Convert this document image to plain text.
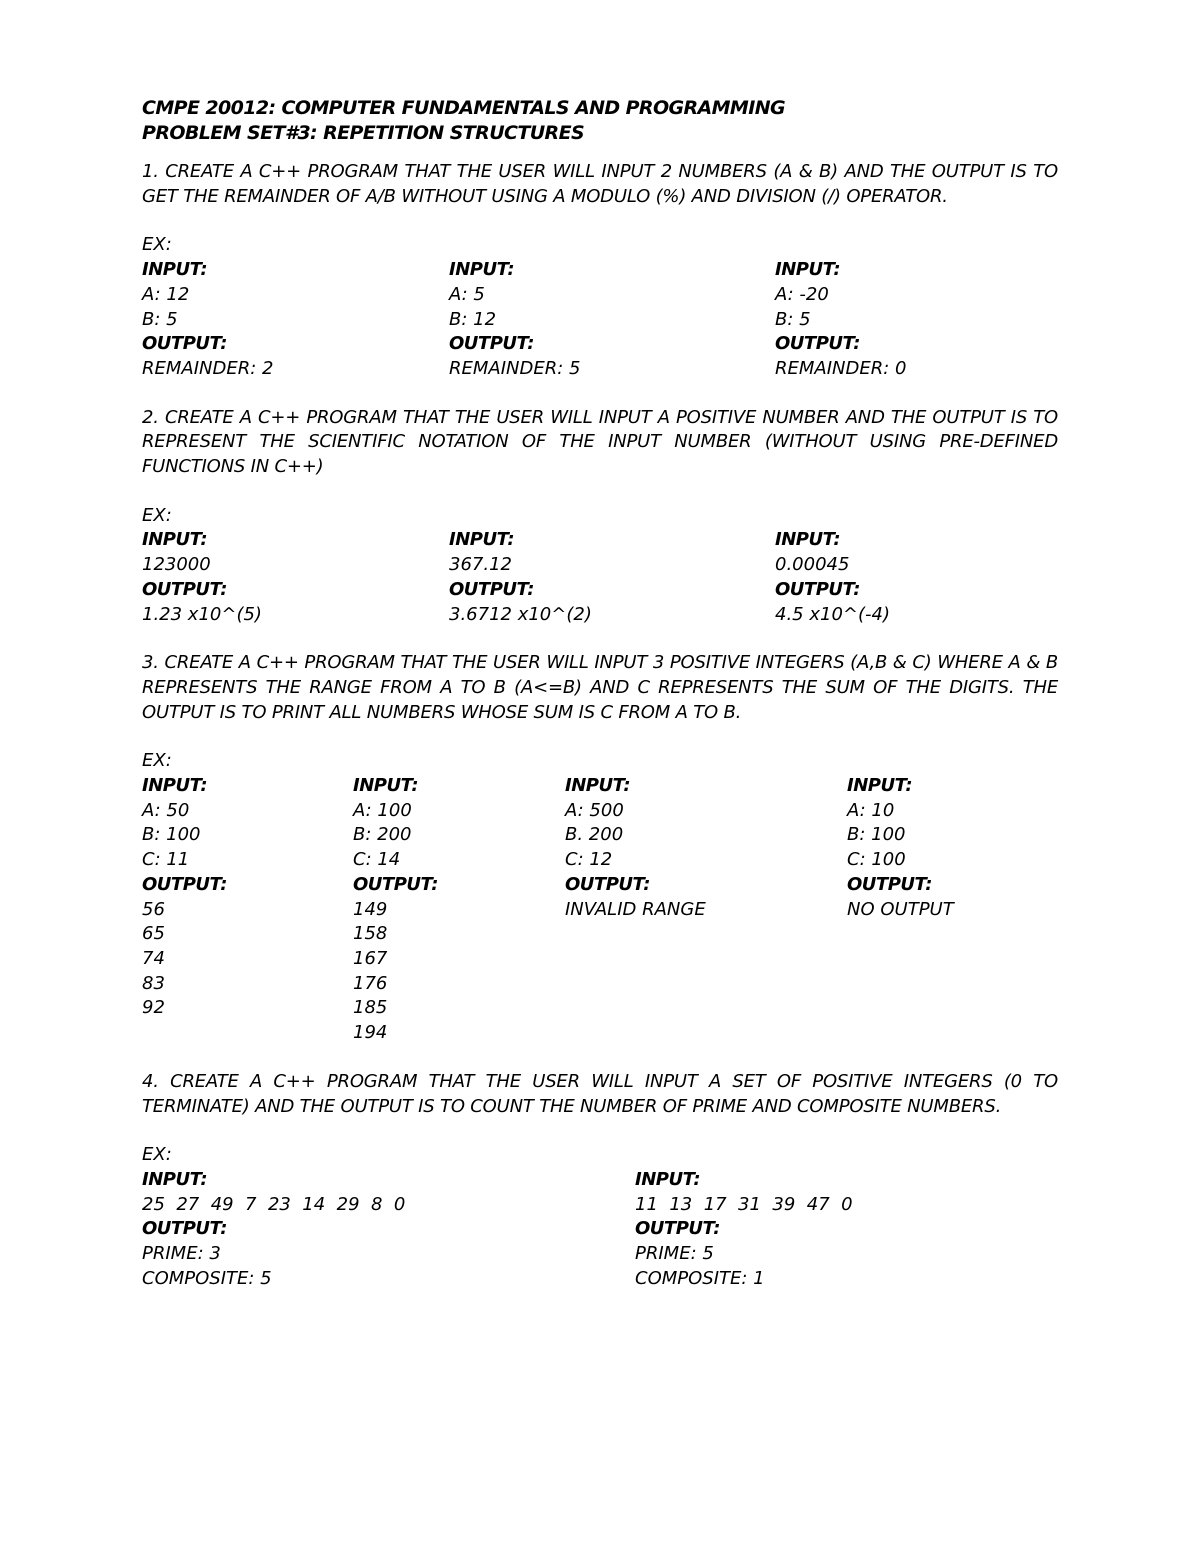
CMPE 20012: COMPUTER FUNDAMENTALS AND PROGRAMMING
PROBLEM SET#3: REPETITION STRUCTURES
1. CREATE A C++ PROGRAM THAT THE USER WILL INPUT 2 NUMBERS (A & B) AND THE OUTPUT IS TO GET THE REMAINDER OF A/B WITHOUT USING A MODULO (%) AND DIVISION (/) OPERATOR.
EX:
INPUT:
A: 12
B: 5
OUTPUT:
REMAINDER: 2
INPUT:
A: 5
B: 12
OUTPUT:
REMAINDER: 5
INPUT:
A: -20
B: 5
OUTPUT:
REMAINDER: 0
2. CREATE A C++ PROGRAM THAT THE USER WILL INPUT A POSITIVE NUMBER AND THE OUTPUT IS TO REPRESENT THE SCIENTIFIC NOTATION OF THE INPUT NUMBER (WITHOUT USING PRE-DEFINED FUNCTIONS IN C++)
EX:
INPUT:
123000
OUTPUT:
1.23 x10^(5)
INPUT:
367.12
OUTPUT:
3.6712 x10^(2)
INPUT:
0.00045
OUTPUT:
4.5 x10^(-4)
3. CREATE A C++ PROGRAM THAT THE USER WILL INPUT 3 POSITIVE INTEGERS (A,B & C) WHERE A & B REPRESENTS THE RANGE FROM A TO B (A<=B) AND C REPRESENTS THE SUM OF THE DIGITS. THE OUTPUT IS TO PRINT ALL NUMBERS WHOSE SUM IS C FROM A TO B.
EX:
INPUT:
A: 50
B: 100
C: 11
OUTPUT:
56
65
74
83
92
INPUT:
A: 100
B: 200
C: 14
OUTPUT:
149
158
167
176
185
194
INPUT:
A: 500
B. 200
C: 12
OUTPUT:
INVALID RANGE
INPUT:
A: 10
B: 100
C: 100
OUTPUT:
NO OUTPUT
4. CREATE A C++ PROGRAM THAT THE USER WILL INPUT A SET OF POSITIVE INTEGERS (0 TO TERMINATE) AND THE OUTPUT IS TO COUNT THE NUMBER OF PRIME AND COMPOSITE NUMBERS.
EX:
INPUT:
25  27  49  7  23  14  29  8  0
OUTPUT:
PRIME: 3
COMPOSITE: 5
INPUT:
11  13  17  31  39  47  0
OUTPUT:
PRIME: 5
COMPOSITE: 1
